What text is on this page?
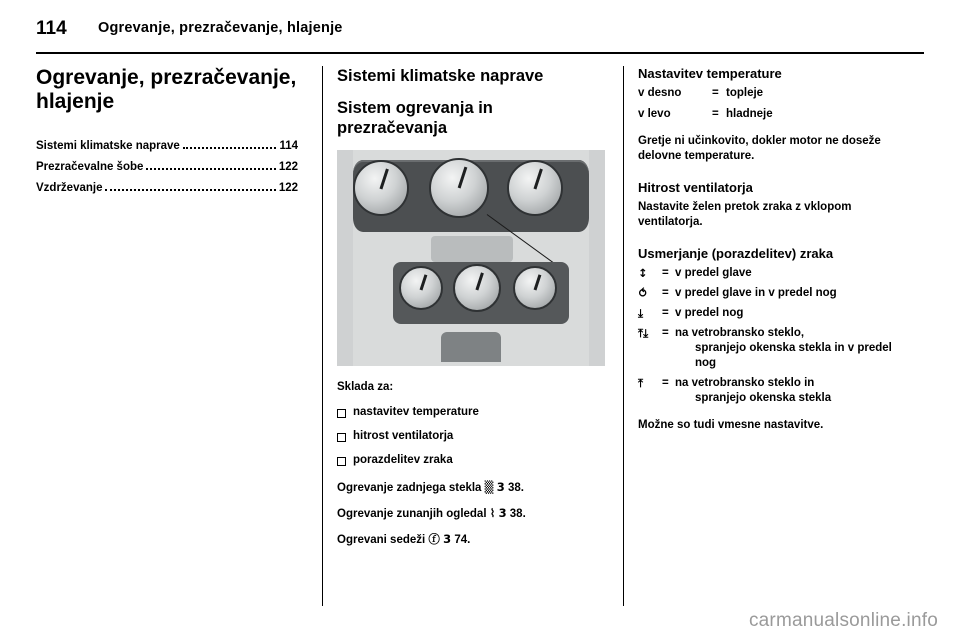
114	Ogrevanje, prezračevanje, hlajenje
Ogrevanje, prezračevanje, hlajenje
Sistemi klimatske naprave	114
Prezračevalne šobe	122
Vzdrževanje	122
Sistemi klimatske naprave
Sistem ogrevanja in prezračevanja

Sklada za:

nastavitev temperature
hitrost ventilatorja
porazdelitev zraka

Ogrevanje zadnjega stekla ▒ 3 38.

Ogrevanje zunanjih ogledal ⌇ 3 38.

Ogrevani sedeži ⓕ 3 74.

Nastavitev temperature
v desno	= topleje
v levo	= hladneje

Gretje ni učinkovito, dokler motor ne doseže delovne temperature.

Hitrost ventilatorja

Nastavite želen pretok zraka z vklopom ventilatorja.

Usmerjanje (porazdelitev) zraka
↕	= v predel glave
⥀	= v predel glave in v predel nog
⤓	= v predel nog
⤒⤓	= na vetrobransko steklo,
spranjejo okenska stekla in v predel nog
⤒	= na vetrobransko steklo in
spranjejo okenska stekla

Možne so tudi vmesne nastavitve.

carmanualsonline.info
